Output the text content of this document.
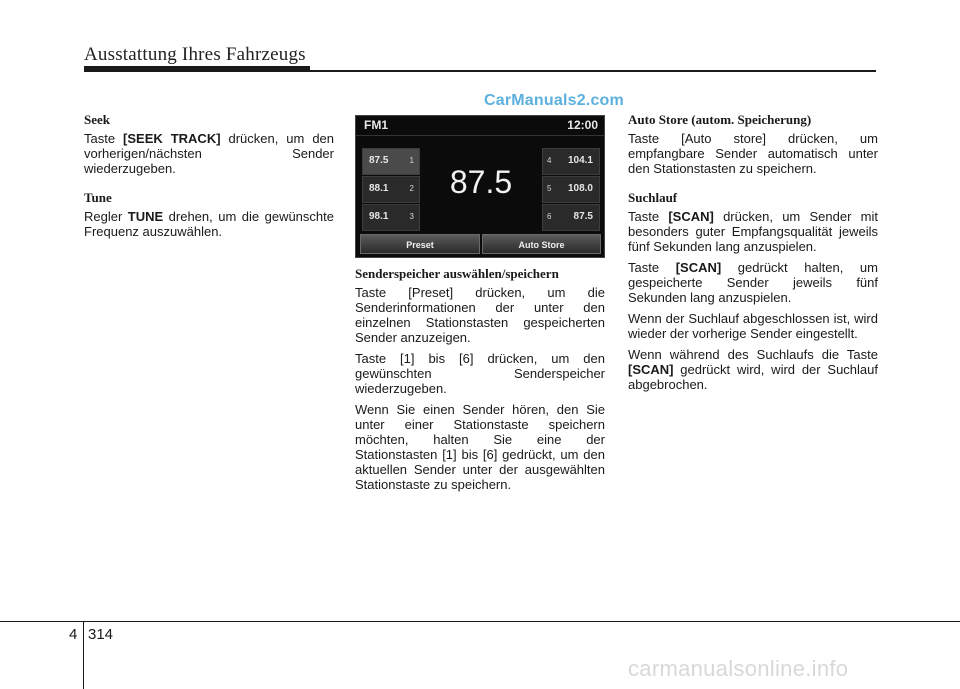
Ausstattung Ihres Fahrzeugs
CarManuals2.com
Seek

Taste [SEEK TRACK] drücken, um den vorherigen/nächsten Sender wiederzugeben.

Tune

Regler TUNE drehen, um die gewünschte Frequenz auszuwählen.

FM1	12:00
87.5	1
88.1	2
98.1	3
87.5
4 104.1
5 108.0
6 87.5
Preset	Auto Store
Senderspeicher auswählen/speichern

Taste [Preset] drücken, um die Senderinformationen der unter den einzelnen Stationstasten gespeicherten Sender anzuzeigen.

Taste [1] bis [6] drücken, um den gewünschten Senderspeicher wiederzugeben.

Wenn Sie einen Sender hören, den Sie unter einer Stationstaste speichern möchten, halten Sie eine der Stationstasten [1] bis [6] gedrückt, um den aktuellen Sender unter der ausgewählten Stationstaste zu speichern.

Auto Store (autom. Speicherung)

Taste [Auto store] drücken, um empfangbare Sender automatisch unter den Stationstasten zu speichern.

Suchlauf

Taste [SCAN] drücken, um Sender mit besonders guter Empfangsqualität jeweils fünf Sekunden lang anzuspielen.

Taste [SCAN] gedrückt halten, um gespeicherte Sender jeweils fünf Sekunden lang anzuspielen.

Wenn der Suchlauf abgeschlossen ist, wird wieder der vorherige Sender eingestellt.

Wenn während des Suchlaufs die Taste [SCAN] gedrückt wird, wird der Suchlauf abgebrochen.

4 314
carmanualsonline.info
